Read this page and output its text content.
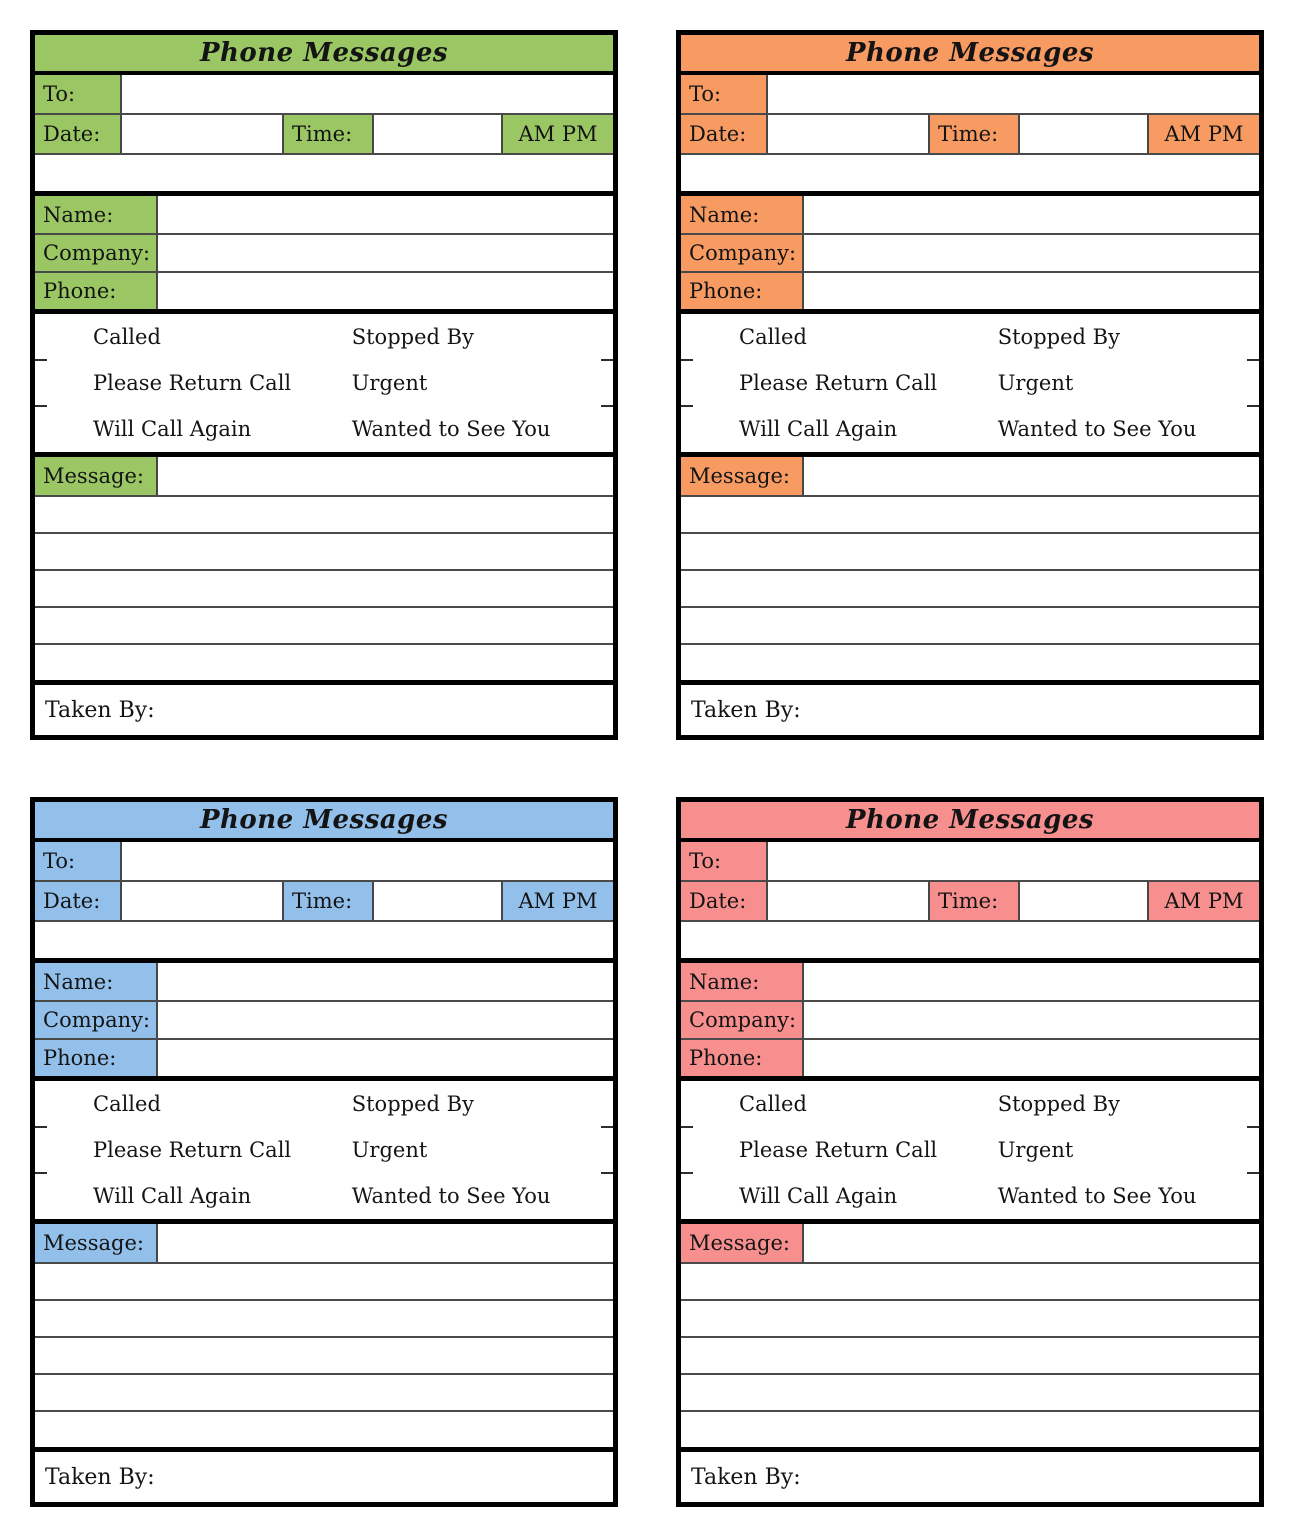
Phone Messages
To:
Date:	Time:	AM PM
Name:
Company:
Phone:
Called	Stopped By
Please Return Call	Urgent
Will Call Again	Wanted to See You
Message:
Taken By:
Phone Messages
To:
Date:	Time:	AM PM
Name:
Company:
Phone:
Called	Stopped By
Please Return Call	Urgent
Will Call Again	Wanted to See You
Message:
Taken By:
Phone Messages
To:
Date:	Time:	AM PM
Name:
Company:
Phone:
Called	Stopped By
Please Return Call	Urgent
Will Call Again	Wanted to See You
Message:
Taken By:
Phone Messages
To:
Date:	Time:	AM PM
Name:
Company:
Phone:
Called	Stopped By
Please Return Call	Urgent
Will Call Again	Wanted to See You
Message:
Taken By:
